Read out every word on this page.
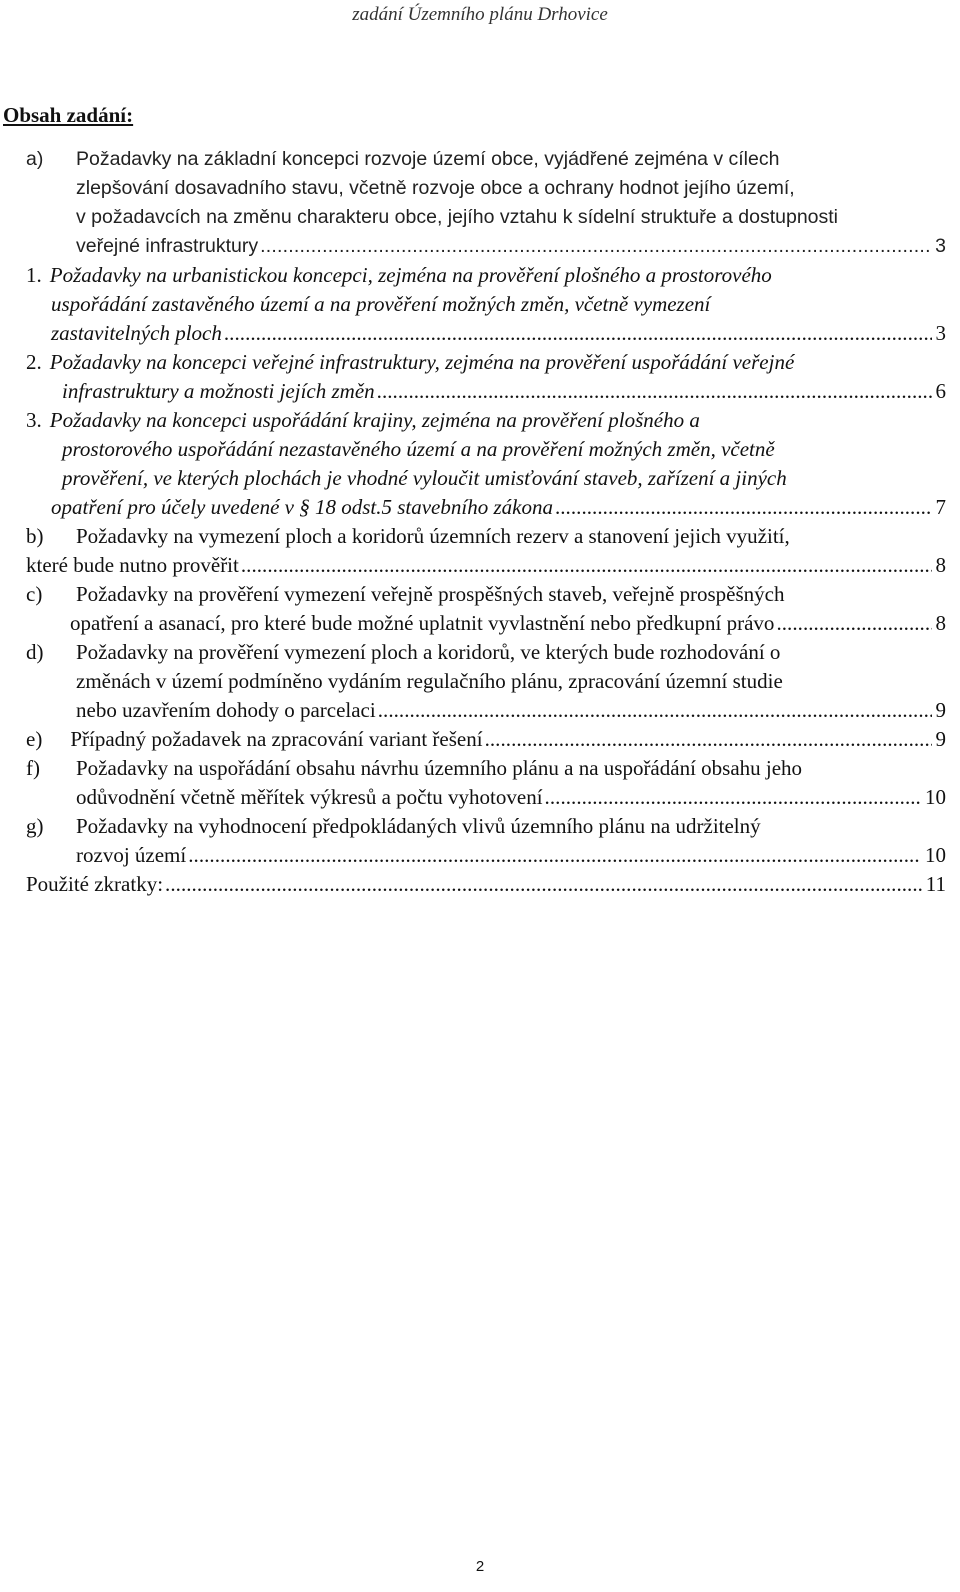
zadání Územního plánu Drhovice
Obsah zadání:
a) Požadavky na základní koncepci rozvoje území obce, vyjádřené zejména v cílech
zlepšování dosavadního stavu, včetně rozvoje obce a ochrany hodnot jejího území,
v požadavcích na změnu charakteru obce, jejího vztahu k sídelní struktuře a dostupnosti
veřejné infrastruktury . . .	3
1. Požadavky na urbanistickou koncepci, zejména na prověření plošného a prostorového
uspořádání zastavěného území a na prověření možných změn, včetně vymezení
zastavitelných ploch . . .	3
2. Požadavky na koncepci veřejné infrastruktury, zejména na prověření uspořádání veřejné
infrastruktury a možnosti jejích změn . . .	6
3. Požadavky na koncepci uspořádání krajiny, zejména na prověření plošného a
prostorového uspořádání nezastavěného území a na prověření možných změn, včetně
prověření, ve kterých plochách je vhodné vyloučit umisťování staveb, zařízení a jiných
opatření pro účely uvedené v § 18 odst.5 stavebního zákona . . .	7
b) Požadavky na vymezení ploch a koridorů územních rezerv a stanovení jejich využití,
které bude nutno prověřit . . .	8
c) Požadavky na prověření vymezení veřejně prospěšných staveb, veřejně prospěšných
opatření a asanací, pro které bude možné uplatnit vyvlastnění nebo předkupní právo . . .	8
d) Požadavky na prověření vymezení ploch a koridorů, ve kterých bude rozhodování o
změnách v území podmíněno vydáním regulačního plánu, zpracování územní studie
nebo uzavřením dohody o parcelaci . . .	9
e) Případný požadavek na zpracování variant řešení . . .	9
f) Požadavky na uspořádání obsahu návrhu územního plánu a na uspořádání obsahu jeho
odůvodnění včetně měřítek výkresů a počtu vyhotovení . . .	10
g) Požadavky na vyhodnocení předpokládaných vlivů územního plánu na udržitelný
rozvoj území . . .	10
Použité zkratky: . . .	11
2
